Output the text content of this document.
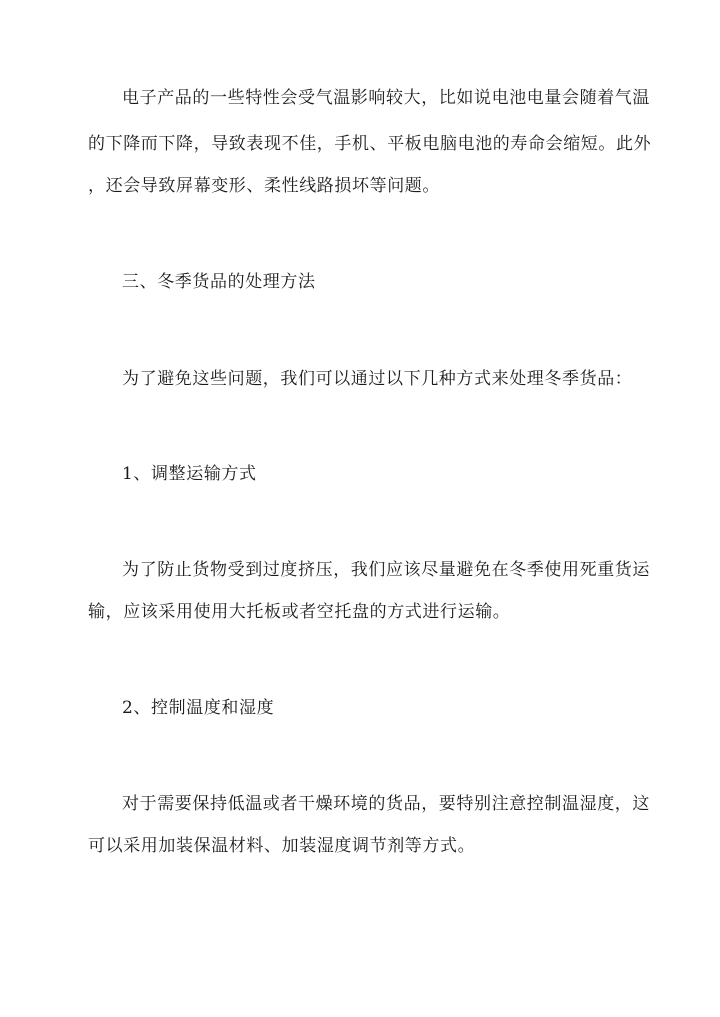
电子产品的一些特性会受气温影响较大，比如说电池电量会随着气温
的下降而下降，导致表现不佳，手机、平板电脑电池的寿命会缩短。此外
，还会导致屏幕变形、柔性线路损坏等问题。
三、冬季货品的处理方法
为了避免这些问题，我们可以通过以下几种方式来处理冬季货品：
1、调整运输方式
为了防止货物受到过度挤压，我们应该尽量避免在冬季使用死重货运
输，应该采用使用大托板或者空托盘的方式进行运输。
2、控制温度和湿度
对于需要保持低温或者干燥环境的货品，要特别注意控制温湿度，这
可以采用加装保温材料、加装湿度调节剂等方式。
